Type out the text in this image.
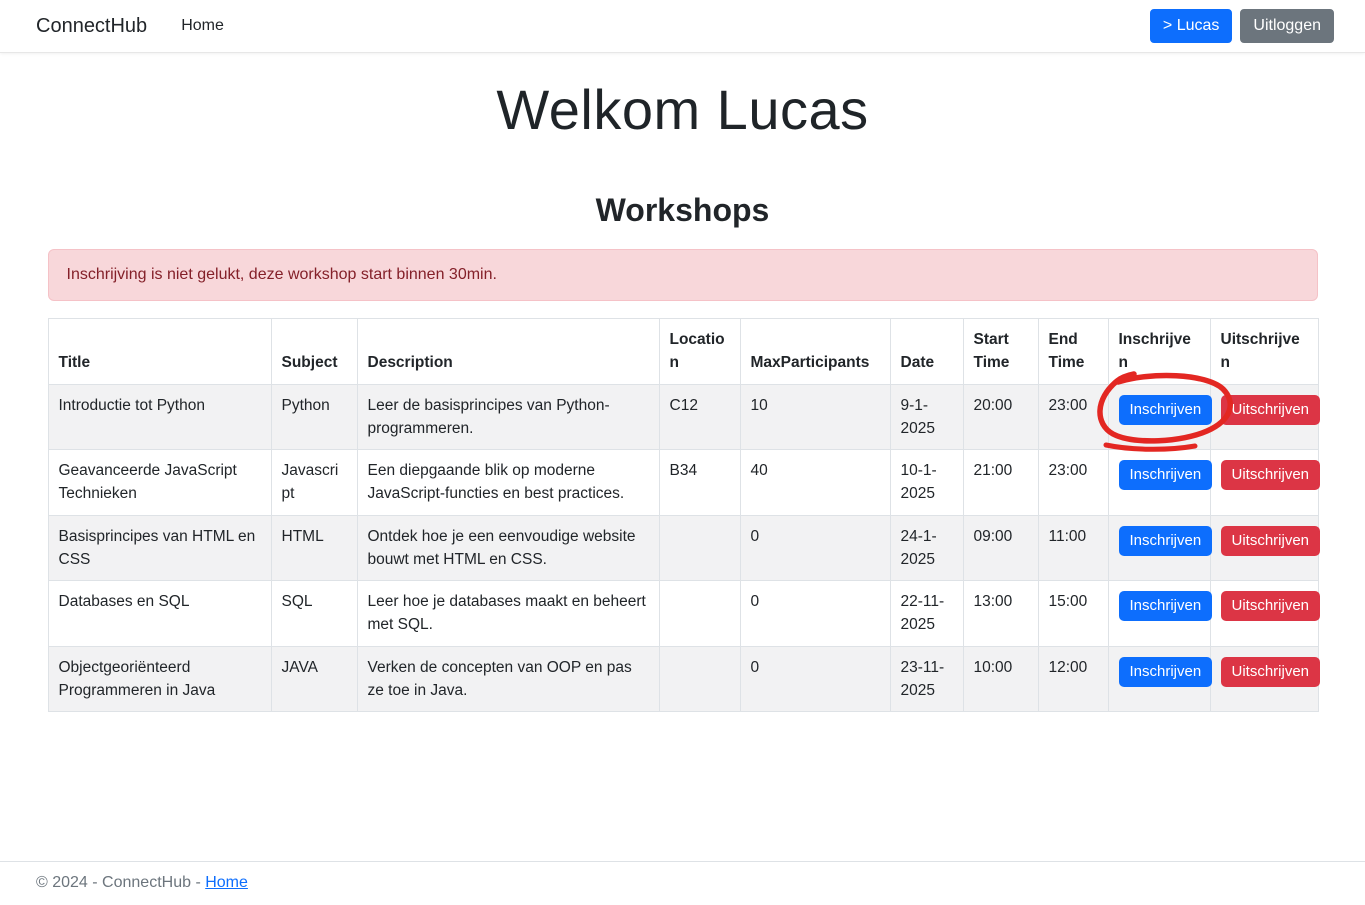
ConnectHub Home	> Lucas	Uitloggen
Welkom Lucas
Workshops
Inschrijving is niet gelukt, deze workshop start binnen 30min.
Title	Subject	Description	Location	MaxParticipants	Date	Start Time	End Time	Inschrijven	Uitschrijven
Introductie tot Python	Python	Leer de basisprincipes van Python-programmeren.	C12	10	9-1-2025	20:00	23:00	Inschrijven	Uitschrijven
Geavanceerde JavaScript Technieken	Javascript	Een diepgaande blik op moderne JavaScript-functies en best practices.	B34	40	10-1-2025	21:00	23:00	Inschrijven	Uitschrijven
Basisprincipes van HTML en CSS	HTML	Ontdek hoe je een eenvoudige website bouwt met HTML en CSS.		0	24-1-2025	09:00	11:00	Inschrijven	Uitschrijven
Databases en SQL	SQL	Leer hoe je databases maakt en beheert met SQL.		0	22-11-2025	13:00	15:00	Inschrijven	Uitschrijven
Objectgeoriënteerd Programmeren in Java	JAVA	Verken de concepten van OOP en pas ze toe in Java.		0	23-11-2025	10:00	12:00	Inschrijven	Uitschrijven
© 2024 - ConnectHub - Home
